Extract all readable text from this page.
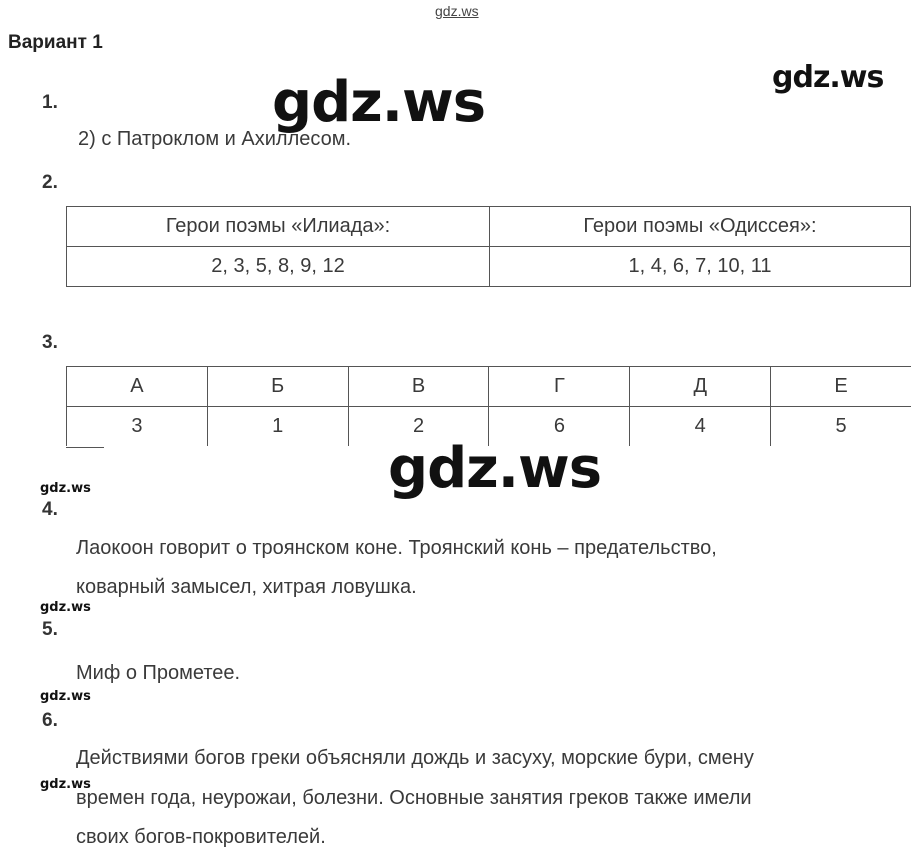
gdz.ws
gdz.ws
gdz.ws
gdz.ws
gdz.ws
gdz.ws
gdz.ws
gdz.ws
Вариант 1
1.
2) с Патроклом и Ахиллесом.
2.
Герои поэмы «Илиада»:	Герои поэмы «Одиссея»:
2, 3, 5, 8, 9, 12	1, 4, 6, 7, 10, 11
3.
А	Б	В	Г	Д	Е
3	1	2	6	4	5
4.
Лаокоон говорит о троянском коне. Троянский конь – предательство,
коварный замысел, хитрая ловушка.
5.
Миф о Прометее.
6.
Действиями богов греки объясняли дождь и засуху, морские бури, смену
времен года, неурожаи, болезни. Основные занятия греков также имели
своих богов-покровителей.
